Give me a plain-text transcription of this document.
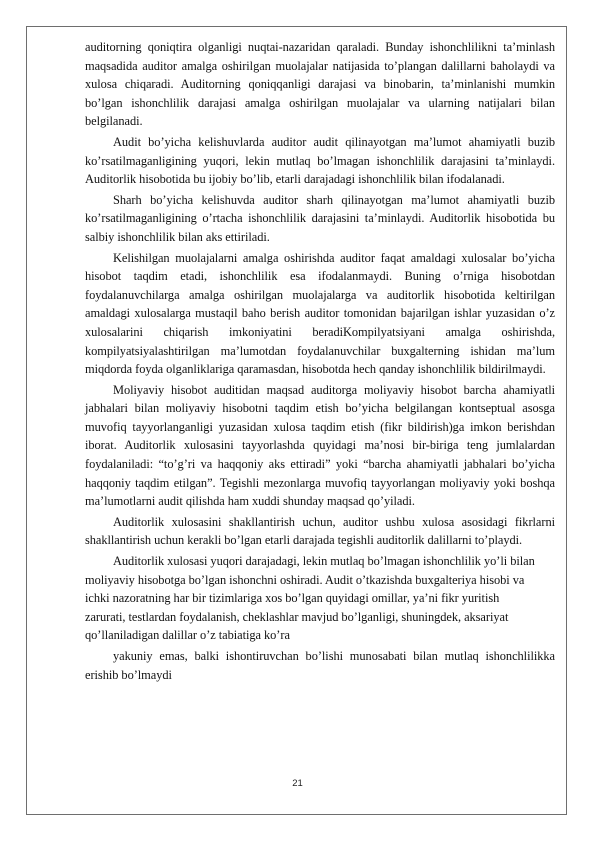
auditorning qoniqtira olganligi nuqtai-nazaridan qaraladi. Bunday ishonchlilikni ta’minlash maqsadida auditor amalga oshirilgan muolajalar natijasida to’plangan dalillarni baholaydi va xulosa chiqaradi. Auditorning qoniqqanligi darajasi va binobarin, ta’minlanishi mumkin bo’lgan ishonchlilik darajasi amalga oshirilgan muolajalar va ularning natijalari bilan belgilanadi.

Audit bo’yicha kelishuvlarda auditor audit qilinayotgan ma’lumot ahamiyatli buzib ko’rsatilmaganligining yuqori, lekin mutlaq bo’lmagan ishonchlilik darajasini ta’minlaydi. Auditorlik hisobotida bu ijobiy bo’lib, etarli darajadagi ishonchlilik bilan ifodalanadi.

Sharh bo’yicha kelishuvda auditor sharh qilinayotgan ma’lumot ahamiyatli buzib ko’rsatilmaganligining o’rtacha ishonchlilik darajasini ta’minlaydi. Auditorlik hisobotida bu salbiy ishonchlilik bilan aks ettiriladi.

Kelishilgan muolajalarni amalga oshirishda auditor faqat amaldagi xulosalar bo’yicha hisobot taqdim etadi, ishonchlilik esa ifodalanmaydi. Buning o’rniga hisobotdan foydalanuvchilarga amalga oshirilgan muolajalarga va auditorlik hisobotida keltirilgan amaldagi xulosalarga mustaqil baho berish auditor tomonidan bajarilgan ishlar yuzasidan o’z xulosalarini chiqarish imkoniyatini beradiKompilyatsiyani amalga oshirishda, kompilyatsiyalashtirilgan ma’lumotdan foydalanuvchilar buxgalterning ishidan ma’lum miqdorda foyda olganliklariga qaramasdan, hisobotda hech qanday ishonchlilik bildirilmaydi.

Moliyaviy hisobot auditidan maqsad auditorga moliyaviy hisobot barcha ahamiyatli jabhalari bilan moliyaviy hisobotni taqdim etish bo’yicha belgilangan kontseptual asosga muvofiq tayyorlanganligi yuzasidan xulosa taqdim etish (fikr bildirish)ga imkon berishdan iborat. Auditorlik xulosasini tayyorlashda quyidagi ma’nosi bir-biriga teng jumlalardan foydalaniladi: “to’g’ri va haqqoniy aks ettiradi” yoki “barcha ahamiyatli jabhalari bo’yicha haqqoniy taqdim etilgan”. Tegishli mezonlarga muvofiq tayyorlangan moliyaviy yoki boshqa ma’lumotlarni audit qilishda ham xuddi shunday maqsad qo’yiladi.

Auditorlik xulosasini shakllantirish uchun, auditor ushbu xulosa asosidagi fikrlarni shakllantirish uchun kerakli bo’lgan etarli darajada tegishli auditorlik dalillarni to’playdi.

Auditorlik xulosasi yuqori darajadagi, lekin mutlaq bo’lmagan ishonchlilik yo’li bilan moliyaviy hisobotga bo’lgan ishonchni oshiradi. Audit o’tkazishda buxgalteriya hisobi va ichki nazoratning har bir tizimlariga xos bo’lgan quyidagi omillar, ya’ni fikr yuritish zarurati, testlardan foydalanish, cheklashlar mavjud bo’lganligi, shuningdek, aksariyat qo’llaniladigan dalillar o’z tabiatiga ko’ra

yakuniy emas, balki ishontiruvchan bo’lishi munosabati bilan mutlaq ishonchlilikka erishib bo’lmaydi

21
